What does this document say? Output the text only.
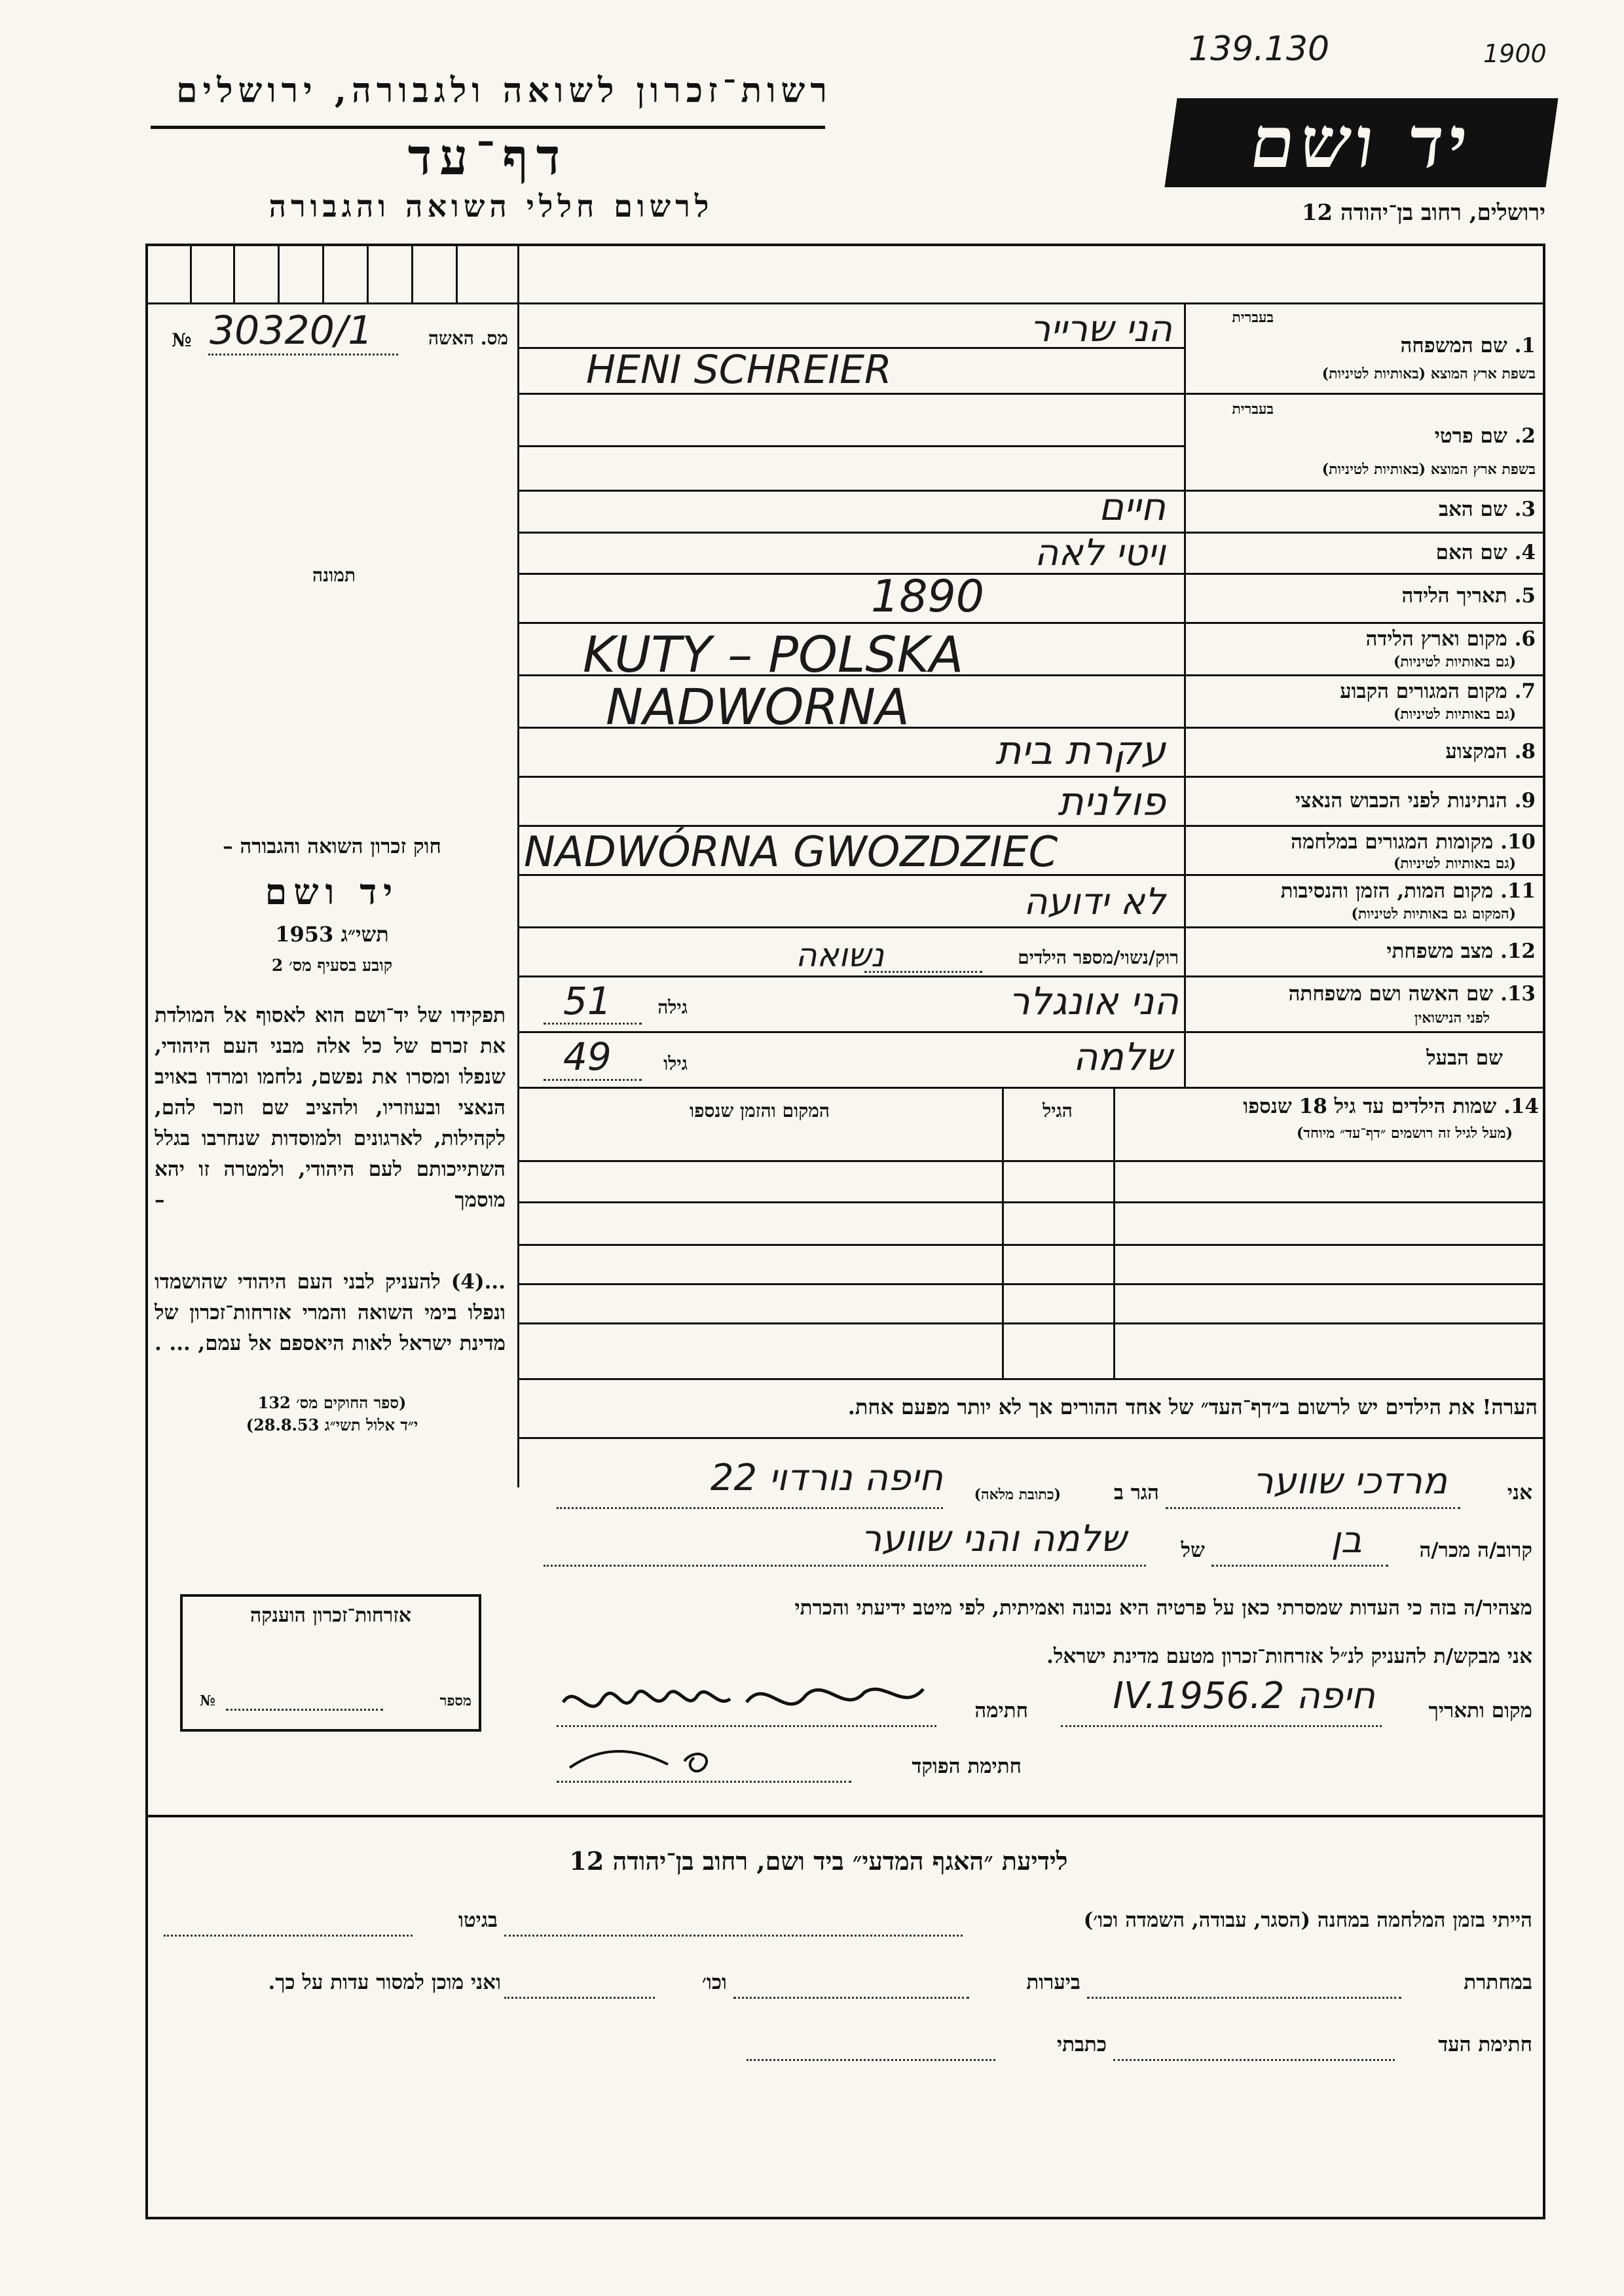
139.130	1900
רשות־זכרון לשואה ולגבורה, ירושלים
דף־עד
לרשום חללי השואה והגבורה
יד ושם
ירושלים, רחוב בן־יהודה 12
מס. האשה
№ 30320/1
תמונה
בעברית
1. שם המשפחה
בשפת ארץ המוצא (באותיות לטיניות)
בעברית
2. שם פרטי
בשפת ארץ המוצא (באותיות לטיניות)
3. שם האב
4. שם האם
5. תאריך הלידה
6. מקום וארץ הלידה
(גם באותיות לטיניות)
7. מקום המגורים הקבוע
(גם באותיות לטיניות)
8. המקצוע
9. הנתינות לפני הכבוש הנאצי
10. מקומות המגורים במלחמה
(גם באותיות לטיניות)
11. מקום המות, הזמן והנסיבות
(המקום גם באותיות לטיניות)
12. מצב משפחתי
13. שם האשה ושם משפחתה
לפני הנישואין
שם הבעל
הני שרייר
HENI SCHREIER
חיים
ויטי לאה
1890
KUTY – POLSKA
NADWORNA
עקרת בית
פולנית
NADWÓRNA GWOZDZIEC
לא ידועה
רוק/נשוי/מספר הילדים
נשואה
הני אונגלר
גילה
51
שלמה
גילו
49
חוק זכרון השואה והגבורה –
יד ושם
תשי״ג 1953
קובע בסעיף מס׳ 2
תפקידו של יד־ושם הוא לאסוף אל המולדת את זכרם של כל אלה מבני העם היהודי, שנפלו ומסרו את נפשם, נלחמו ומרדו באויב הנאצי ובעוזריו, ולהציב שם וזכר להם, לקהילות, לארגונים ולמוסדות שנחרבו בגלל השתייכותם לעם היהודי, ולמטרה זו יהא מוסמך –
...(4) להעניק לבני העם היהודי שהושמדו ונפלו בימי השואה והמרי אזרחות־זכרון של מדינת ישראל לאות היאספם אל עמם, ... .
(ספר החוקים מס׳ 132
י״ד אלול תשי״ג 28.8.53)
14. שמות הילדים עד גיל 18 שנספו
(מעל לגיל זה רושמים ״דף־עד״ מיוחד)
הגיל
המקום והזמן שנספו
הערה! את הילדים יש לרשום ב״דף־העד״ של אחד ההורים אך לא יותר מפעם אחת.
אני
מרדכי שווער
הגר ב
(כתובת מלאה)
חיפה נורדוי 22
קרוב/ה מכר/ה
בן
של
שלמה והני שווער
מצהיר/ה בזה כי העדות שמסרתי כאן על פרטיה היא נכונה ואמיתית, לפי מיטב ידיעתי והכרתי
אני מבקש/ת להעניק לנ״ל אזרחות־זכרון מטעם מדינת ישראל.
מקום ותאריך
חיפה 2.IV.1956
חתימה
חתימת הפוקד
אזרחות־זכרון הוענקה
מספר
№
לידיעת ״האגף המדעי״ ביד ושם, רחוב בן־יהודה 12
הייתי בזמן המלחמה במחנה (הסגר, עבודה, השמדה וכו׳)
בגיטו
במחתרת
ביערות
וכו׳
ואני מוכן למסור עדות על כך.
חתימת העד
כתבתי
